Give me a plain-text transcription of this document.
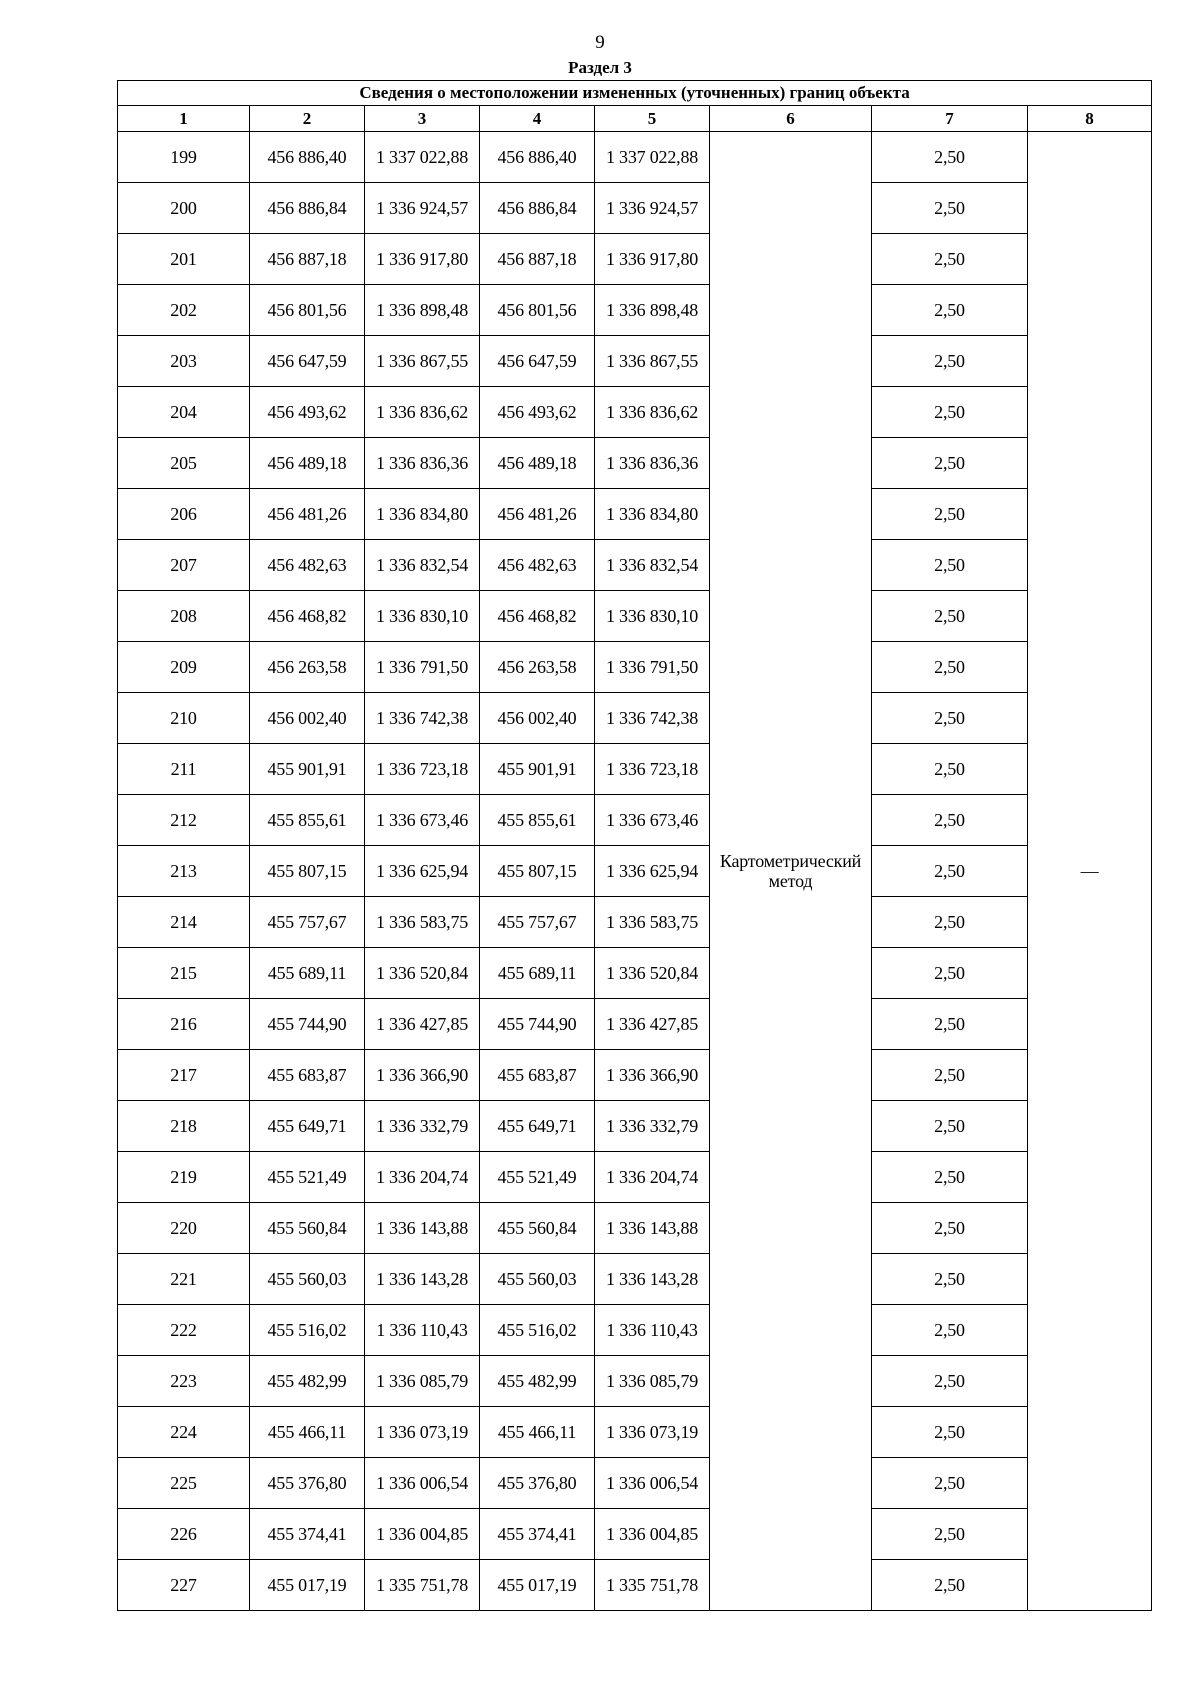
9
Раздел 3
Сведения о местоположении измененных (уточненных) границ объекта							
1	2	3	4	5	6	7	8
199	456 886,40	1 337 022,88	456 886,40	1 337 022,88	Картометрический метод	2,50	—
200	456 886,84	1 336 924,57	456 886,84	1 336 924,57		2,50	
201	456 887,18	1 336 917,80	456 887,18	1 336 917,80		2,50	
202	456 801,56	1 336 898,48	456 801,56	1 336 898,48		2,50	
203	456 647,59	1 336 867,55	456 647,59	1 336 867,55		2,50	
204	456 493,62	1 336 836,62	456 493,62	1 336 836,62		2,50	
205	456 489,18	1 336 836,36	456 489,18	1 336 836,36		2,50	
206	456 481,26	1 336 834,80	456 481,26	1 336 834,80		2,50	
207	456 482,63	1 336 832,54	456 482,63	1 336 832,54		2,50	
208	456 468,82	1 336 830,10	456 468,82	1 336 830,10		2,50	
209	456 263,58	1 336 791,50	456 263,58	1 336 791,50		2,50	
210	456 002,40	1 336 742,38	456 002,40	1 336 742,38		2,50	
211	455 901,91	1 336 723,18	455 901,91	1 336 723,18		2,50	
212	455 855,61	1 336 673,46	455 855,61	1 336 673,46		2,50	
213	455 807,15	1 336 625,94	455 807,15	1 336 625,94		2,50	
214	455 757,67	1 336 583,75	455 757,67	1 336 583,75		2,50	
215	455 689,11	1 336 520,84	455 689,11	1 336 520,84		2,50	
216	455 744,90	1 336 427,85	455 744,90	1 336 427,85		2,50	
217	455 683,87	1 336 366,90	455 683,87	1 336 366,90		2,50	
218	455 649,71	1 336 332,79	455 649,71	1 336 332,79		2,50	
219	455 521,49	1 336 204,74	455 521,49	1 336 204,74		2,50	
220	455 560,84	1 336 143,88	455 560,84	1 336 143,88		2,50	
221	455 560,03	1 336 143,28	455 560,03	1 336 143,28		2,50	
222	455 516,02	1 336 110,43	455 516,02	1 336 110,43		2,50	
223	455 482,99	1 336 085,79	455 482,99	1 336 085,79		2,50	
224	455 466,11	1 336 073,19	455 466,11	1 336 073,19		2,50	
225	455 376,80	1 336 006,54	455 376,80	1 336 006,54		2,50	
226	455 374,41	1 336 004,85	455 374,41	1 336 004,85		2,50	
227	455 017,19	1 335 751,78	455 017,19	1 335 751,78		2,50	
